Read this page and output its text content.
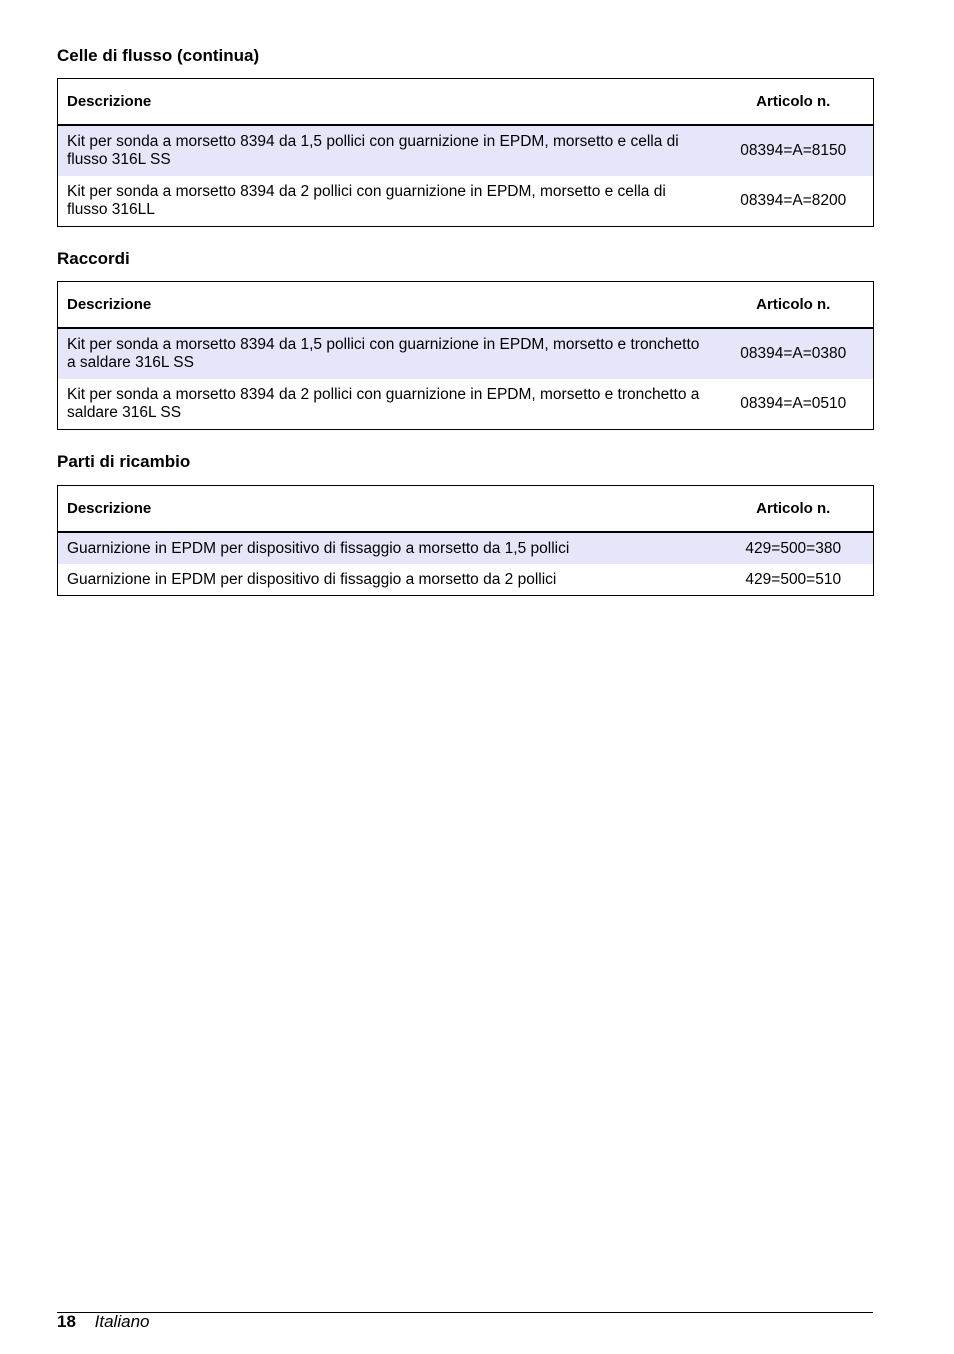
Celle di flusso (continua)
Descrizione	Articolo n.
Kit per sonda a morsetto 8394 da 1,5 pollici con guarnizione in EPDM, morsetto e cella di flusso 316L SS	08394=A=8150
Kit per sonda a morsetto 8394 da 2 pollici con guarnizione in EPDM, morsetto e cella di flusso 316LL	08394=A=8200
Raccordi
Descrizione	Articolo n.
Kit per sonda a morsetto 8394 da 1,5 pollici con guarnizione in EPDM, morsetto e tronchetto a saldare 316L SS	08394=A=0380
Kit per sonda a morsetto 8394 da 2 pollici con guarnizione in EPDM, morsetto e tronchetto a saldare 316L SS	08394=A=0510
Parti di ricambio
Descrizione	Articolo n.
Guarnizione in EPDM per dispositivo di fissaggio a morsetto da 1,5 pollici	429=500=380
Guarnizione in EPDM per dispositivo di fissaggio a morsetto da 2 pollici	429=500=510
18 Italiano
